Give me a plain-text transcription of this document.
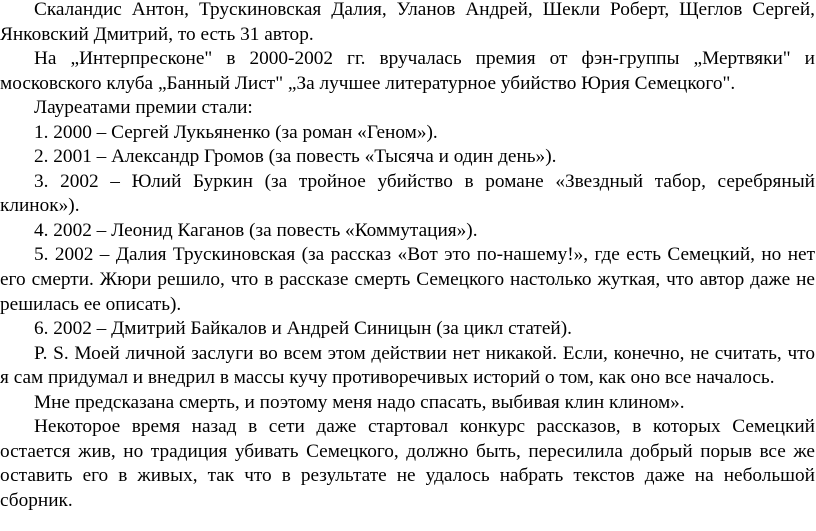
Скаландис Антон, Трускиновская Далия, Уланов Андрей, Шекли Роберт, Щеглов Сергей, Янковский Дмитрий, то есть 31 автор.

На „Интерпресконе" в 2000-2002 гг. вручалась премия от фэн-группы „Мертвяки" и московского клуба „Банный Лист" „За лучшее литературное убийство Юрия Семецкого".

Лауреатами премии стали:

1. 2000 – Сергей Лукьяненко (за роман «Геном»).

2. 2001 – Александр Громов (за повесть «Тысяча и один день»).

3. 2002 – Юлий Буркин (за тройное убийство в романе «Звездный табор, серебряный клинок»).

4. 2002 – Леонид Каганов (за повесть «Коммутация»).

5. 2002 – Далия Трускиновская (за рассказ «Вот это по-нашему!», где есть Семецкий, но нет его смерти. Жюри решило, что в рассказе смерть Семецкого настолько жуткая, что автор даже не решилась ее описать).

6. 2002 – Дмитрий Байкалов и Андрей Синицын (за цикл статей).

P. S. Моей личной заслуги во всем этом действии нет никакой. Если, конечно, не считать, что я сам придумал и внедрил в массы кучу противоречивых историй о том, как оно все началось.

Мне предсказана смерть, и поэтому меня надо спасать, выбивая клин клином».

Некоторое время назад в сети даже стартовал конкурс рассказов, в которых Семецкий остается жив, но традиция убивать Семецкого, должно быть, пересилила добрый порыв все же оставить его в живых, так что в результате не удалось набрать текстов даже на небольшой сборник.
